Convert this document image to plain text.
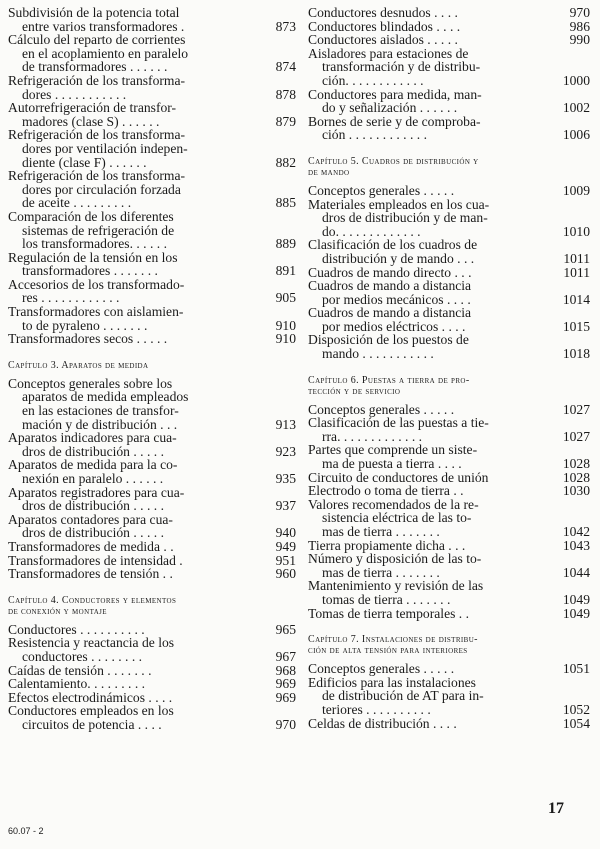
Subdivisión de la potencia total
entre varios transformadores .	873
Cálculo del reparto de corrientes
en el acoplamiento en paralelo
de transformadores . . . . . .	874
Refrigeración de los transforma-
dores . . . . . . . . . . .	878
Autorrefrigeración de transfor-
madores (clase S) . . . . . .	879
Refrigeración de los transforma-
dores por ventilación indepen-
diente (clase F) . . . . . .	882
Refrigeración de los transforma-
dores por circulación forzada
de aceite . . . . . . . . .	885
Comparación de los diferentes
sistemas de refrigeración de
los transformadores. . . . . .	889
Regulación de la tensión en los
transformadores . . . . . . .	891
Accesorios de los transformado-
res . . . . . . . . . . . .	905
Transformadores con aislamien-
to de pyraleno . . . . . . .	910
Transformadores secos . . . . .	910
Capítulo 3. Aparatos de medida

Conceptos generales sobre los
aparatos de medida empleados
en las estaciones de transfor-
mación y de distribución . . .	913
Aparatos indicadores para cua-
dros de distribución . . . . .	923
Aparatos de medida para la co-
nexión en paralelo . . . . . .	935
Aparatos registradores para cua-
dros de distribución . . . . .	937
Aparatos contadores para cua-
dros de distribución . . . . .	940
Transformadores de medida . .	949
Transformadores de intensidad .	951
Transformadores de tensión . .	960
Capítulo 4. Conductores y elementos

de conexión y montaje
Conductores . . . . . . . . . .	965
Resistencia y reactancia de los
conductores . . . . . . . .	967
Caídas de tensión . . . . . . .	968
Calentamiento. . . . . . . . .	969
Efectos electrodinámicos . . . .	969
Conductores empleados en los
circuitos de potencia . . . .	970
Conductores desnudos . . . .	970
Conductores blindados . . . .	986
Conductores aislados . . . . .	990
Aisladores para estaciones de
transformación y de distribu-
ción. . . . . . . . . . . .	1000
Conductores para medida, man-
do y señalización . . . . . .	1002
Bornes de serie y de comproba-
ción . . . . . . . . . . . .	1006
Capítulo 5. Cuadros de distribución y

de mando
Conceptos generales . . . . .	1009
Materiales empleados en los cua-
dros de distribución y de man-
do. . . . . . . . . . . . .	1010
Clasificación de los cuadros de
distribución y de mando . . .	1011
Cuadros de mando directo . . .	1011
Cuadros de mando a distancia
por medios mecánicos . . . .	1014
Cuadros de mando a distancia
por medios eléctricos . . . .	1015
Disposición de los puestos de
mando . . . . . . . . . . .	1018
Capítulo 6. Puestas a tierra de pro-

tección y de servicio
Conceptos generales . . . . .	1027
Clasificación de las puestas a tie-
rra. . . . . . . . . . . . .	1027
Partes que comprende un siste-
ma de puesta a tierra . . . .	1028
Circuito de conductores de unión	1028
Electrodo o toma de tierra . .	1030
Valores recomendados de la re-
sistencia eléctrica de las to-
mas de tierra . . . . . . .	1042
Tierra propiamente dicha . . .	1043
Número y disposición de las to-
mas de tierra . . . . . . .	1044
Mantenimiento y revisión de las
tomas de tierra . . . . . . .	1049
Tomas de tierra temporales . .	1049
Capítulo 7. Instalaciones de distribu-

ción de alta tensión para interiores
Conceptos generales . . . . .	1051
Edificios para las instalaciones
de distribución de AT para in-
teriores . . . . . . . . . .	1052
Celdas de distribución . . . .	1054
60.07 - 2
17
